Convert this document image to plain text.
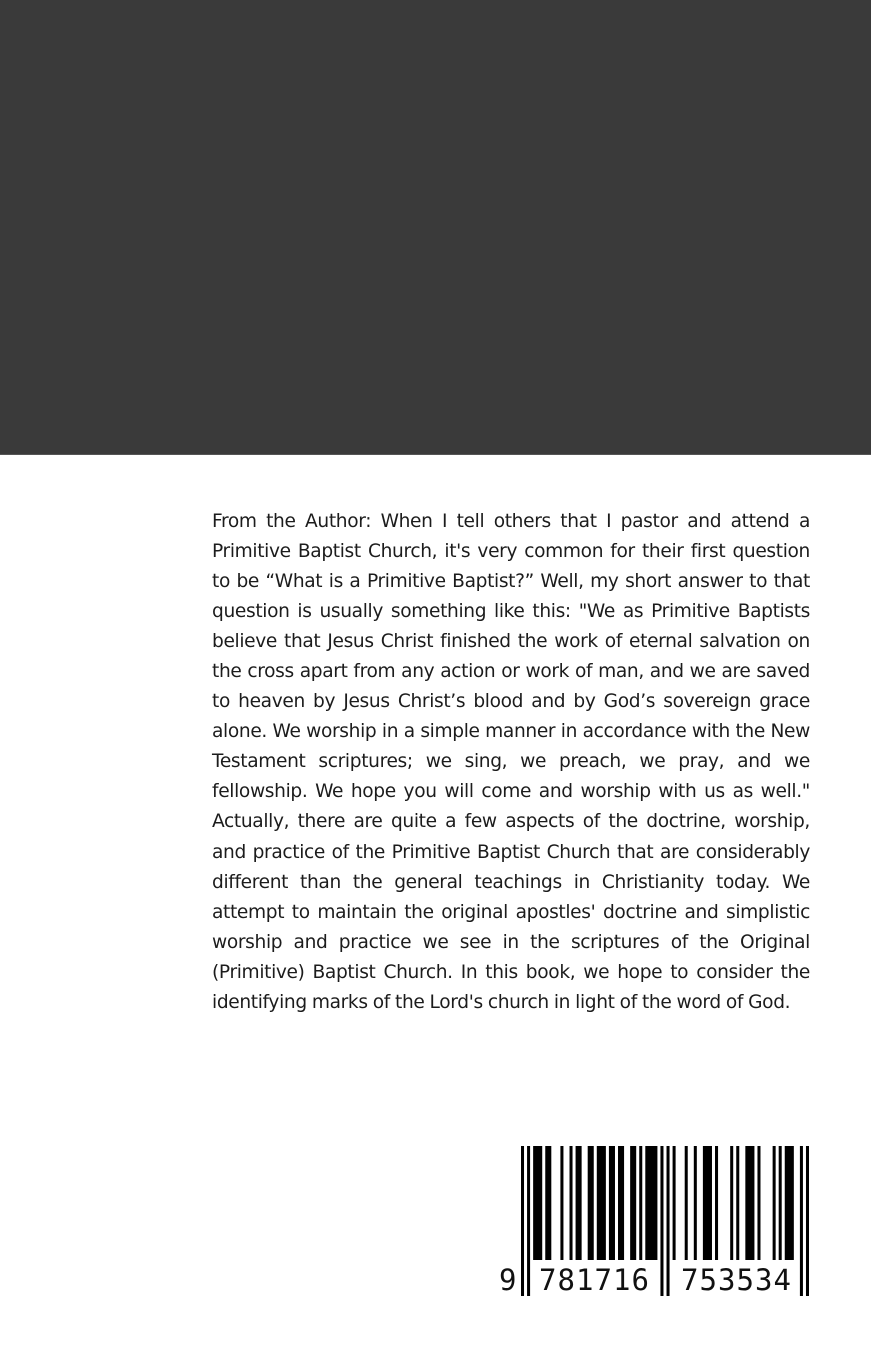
From the Author: When I tell others that I pastor and attend a Primitive Baptist Church, it's very common for their first question to be “What is a Primitive Baptist?” Well, my short answer to that question is usually something like this: "We as Primitive Baptists believe that Jesus Christ finished the work of eternal salvation on the cross apart from any action or work of man, and we are saved to heaven by Jesus Christ’s blood and by God’s sovereign grace alone. We worship in a simple manner in accordance with the New Testament scriptures; we sing, we preach, we pray, and we fellowship. We hope you will come and worship with us as well." Actually, there are quite a few aspects of the doctrine, worship, and practice of the Primitive Baptist Church that are considerably different than the general teachings in Christianity today. We attempt to maintain the original apostles' doctrine and simplistic worship and practice we see in the scriptures of the Original (Primitive) Baptist Church. In this book, we hope to consider the identifying marks of the Lord's church in light of the word of God.

9 781716 753534
